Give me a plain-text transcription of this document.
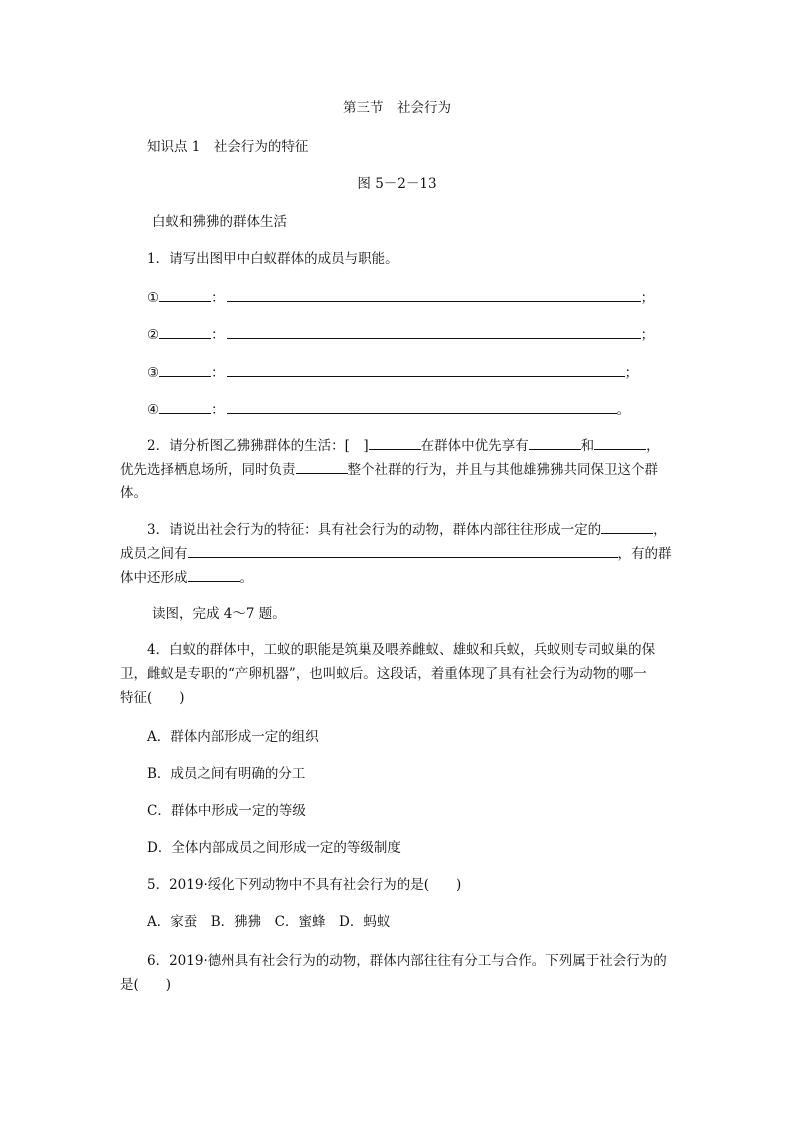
第三节　社会行为
知识点 1　社会行为的特征
图 5－2－13
白蚁和狒狒的群体生活
1．请写出图甲中白蚁群体的成员与职能。
①	：	；
②	：	；
③	：	；
④	：	。
2．请分析图乙狒狒群体的生活：[　]	在群体中优先享有	和	，
优先选择栖息场所，同时负责	整个社群的行为，并且与其他雄狒狒共同保卫这个群
体。
3．请说出社会行为的特征：具有社会行为的动物，群体内部往往形成一定的	，
成员之间有	，有的群
体中还形成	。
读图，完成 4～7 题。
4．白蚁的群体中，工蚁的职能是筑巢及喂养雌蚁、雄蚁和兵蚁，兵蚁则专司蚁巢的保
卫，雌蚁是专职的“产卵机器”，也叫蚁后。这段话，着重体现了具有社会行为动物的哪一
特征(　　)
A．群体内部形成一定的组织
B．成员之间有明确的分工
C．群体中形成一定的等级
D．全体内部成员之间形成一定的等级制度
5．2019·绥化下列动物中不具有社会行为的是(　　)
A．家蚕　B．狒狒　C．蜜蜂　D．蚂蚁
6．2019·德州具有社会行为的动物，群体内部往往有分工与合作。下列属于社会行为的
是(　　)
